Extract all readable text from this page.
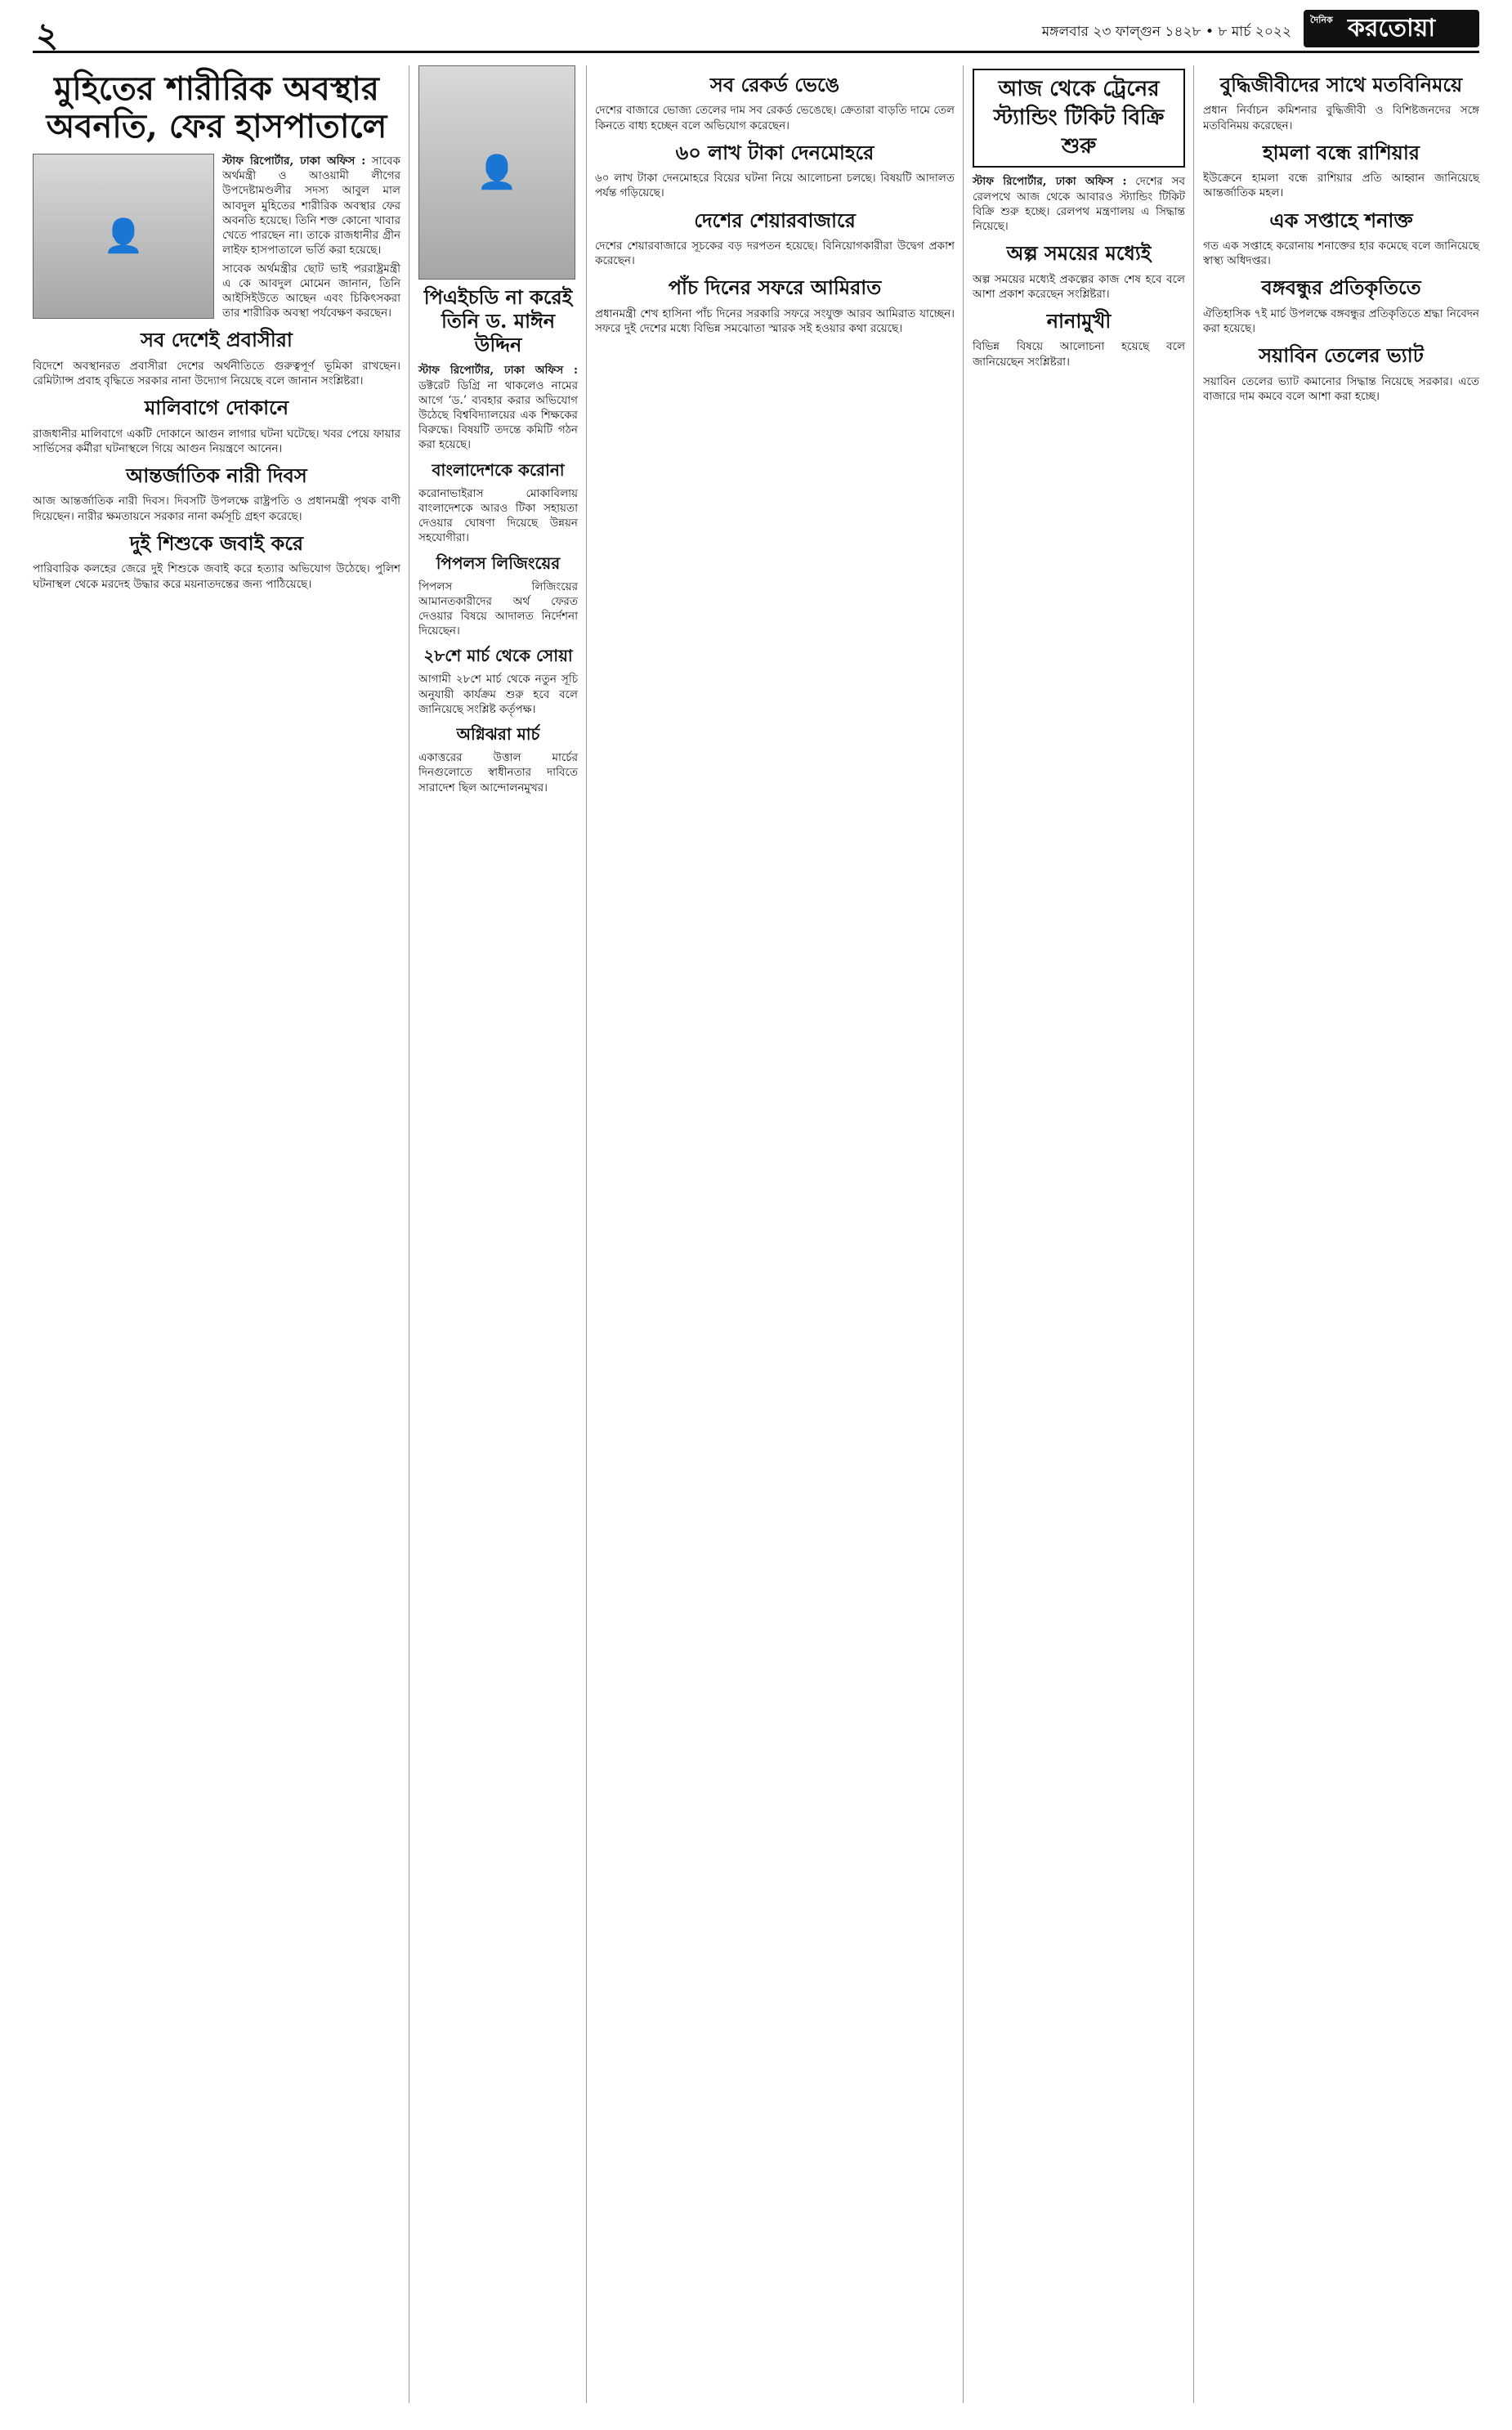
২	মঙ্গলবার ২৩ ফাল্গুন ১৪২৮ • ৮ মার্চ ২০২২
দৈনিক করতোয়া
মুহিতের শারীরিক অবস্থার অবনতি, ফের হাসপাতালে
👤

স্টাফ রিপোর্টার, ঢাকা অফিস : সাবেক অর্থমন্ত্রী ও আওয়ামী লীগের উপদেষ্টামণ্ডলীর সদস্য আবুল মাল আবদুল মুহিতের শারীরিক অবস্থার ফের অবনতি হয়েছে। তিনি শক্ত কোনো খাবার খেতে পারছেন না। তাকে রাজধানীর গ্রীন লাইফ হাসপাতালে ভর্তি করা হয়েছে।

সাবেক অর্থমন্ত্রীর ছোট ভাই পররাষ্ট্রমন্ত্রী এ কে আবদুল মোমেন জানান, তিনি আইসিইউতে আছেন এবং চিকিৎসকরা তার শারীরিক অবস্থা পর্যবেক্ষণ করছেন।

সব দেশেই প্রবাসীরা

বিদেশে অবস্থানরত প্রবাসীরা দেশের অর্থনীতিতে গুরুত্বপূর্ণ ভূমিকা রাখছেন। রেমিট্যান্স প্রবাহ বৃদ্ধিতে সরকার নানা উদ্যোগ নিয়েছে বলে জানান সংশ্লিষ্টরা।

মালিবাগে দোকানে

রাজধানীর মালিবাগে একটি দোকানে আগুন লাগার ঘটনা ঘটেছে। খবর পেয়ে ফায়ার সার্ভিসের কর্মীরা ঘটনাস্থলে গিয়ে আগুন নিয়ন্ত্রণে আনেন।

আন্তর্জাতিক নারী দিবস

আজ আন্তর্জাতিক নারী দিবস। দিবসটি উপলক্ষে রাষ্ট্রপতি ও প্রধানমন্ত্রী পৃথক বাণী দিয়েছেন। নারীর ক্ষমতায়নে সরকার নানা কর্মসূচি গ্রহণ করেছে।

দুই শিশুকে জবাই করে

পারিবারিক কলহের জেরে দুই শিশুকে জবাই করে হত্যার অভিযোগ উঠেছে। পুলিশ ঘটনাস্থল থেকে মরদেহ উদ্ধার করে ময়নাতদন্তের জন্য পাঠিয়েছে।

👤
পিএইচডি না করেই তিনি ড. মাঈন উদ্দিন

স্টাফ রিপোর্টার, ঢাকা অফিস : ডক্টরেট ডিগ্রি না থাকলেও নামের আগে ‘ড.’ ব্যবহার করার অভিযোগ উঠেছে বিশ্ববিদ্যালয়ের এক শিক্ষকের বিরুদ্ধে। বিষয়টি তদন্তে কমিটি গঠন করা হয়েছে।

বাংলাদেশকে করোনা

করোনাভাইরাস মোকাবিলায় বাংলাদেশকে আরও টিকা সহায়তা দেওয়ার ঘোষণা দিয়েছে উন্নয়ন সহযোগীরা।

পিপলস লিজিংয়ের

পিপলস লিজিংয়ের আমানতকারীদের অর্থ ফেরত দেওয়ার বিষয়ে আদালত নির্দেশনা দিয়েছেন।

২৮শে মার্চ থেকে সোয়া

আগামী ২৮শে মার্চ থেকে নতুন সূচি অনুযায়ী কার্যক্রম শুরু হবে বলে জানিয়েছে সংশ্লিষ্ট কর্তৃপক্ষ।

অগ্নিঝরা মার্চ

একাত্তরের উত্তাল মার্চের দিনগুলোতে স্বাধীনতার দাবিতে সারাদেশ ছিল আন্দোলনমুখর।

সব রেকর্ড ভেঙে

দেশের বাজারে ভোজ্য তেলের দাম সব রেকর্ড ভেঙেছে। ক্রেতারা বাড়তি দামে তেল কিনতে বাধ্য হচ্ছেন বলে অভিযোগ করেছেন।

৬০ লাখ টাকা দেনমোহরে

৬০ লাখ টাকা দেনমোহরে বিয়ের ঘটনা নিয়ে আলোচনা চলছে। বিষয়টি আদালত পর্যন্ত গড়িয়েছে।

দেশের শেয়ারবাজারে

দেশের শেয়ারবাজারে সূচকের বড় দরপতন হয়েছে। বিনিয়োগকারীরা উদ্বেগ প্রকাশ করেছেন।

পাঁচ দিনের সফরে আমিরাত

প্রধানমন্ত্রী শেখ হাসিনা পাঁচ দিনের সরকারি সফরে সংযুক্ত আরব আমিরাত যাচ্ছেন। সফরে দুই দেশের মধ্যে বিভিন্ন সমঝোতা স্মারক সই হওয়ার কথা রয়েছে।

আজ থেকে ট্রেনের স্ট্যান্ডিং টিকিট বিক্রি শুরু

স্টাফ রিপোর্টার, ঢাকা অফিস : দেশের সব রেলপথে আজ থেকে আবারও স্ট্যান্ডিং টিকিট বিক্রি শুরু হচ্ছে। রেলপথ মন্ত্রণালয় এ সিদ্ধান্ত নিয়েছে।

অল্প সময়ের মধ্যেই

অল্প সময়ের মধ্যেই প্রকল্পের কাজ শেষ হবে বলে আশা প্রকাশ করেছেন সংশ্লিষ্টরা।

নানামুখী

বিভিন্ন বিষয়ে আলোচনা হয়েছে বলে জানিয়েছেন সংশ্লিষ্টরা।

বুদ্ধিজীবীদের সাথে মতবিনিময়ে

প্রধান নির্বাচন কমিশনার বুদ্ধিজীবী ও বিশিষ্টজনদের সঙ্গে মতবিনিময় করেছেন।

হামলা বন্ধে রাশিয়ার

ইউক্রেনে হামলা বন্ধে রাশিয়ার প্রতি আহ্বান জানিয়েছে আন্তর্জাতিক মহল।

এক সপ্তাহে শনাক্ত

গত এক সপ্তাহে করোনায় শনাক্তের হার কমেছে বলে জানিয়েছে স্বাস্থ্য অধিদপ্তর।

বঙ্গবন্ধুর প্রতিকৃতিতে

ঐতিহাসিক ৭ই মার্চ উপলক্ষে বঙ্গবন্ধুর প্রতিকৃতিতে শ্রদ্ধা নিবেদন করা হয়েছে।

সয়াবিন তেলের ভ্যাট

সয়াবিন তেলের ভ্যাট কমানোর সিদ্ধান্ত নিয়েছে সরকার। এতে বাজারে দাম কমবে বলে আশা করা হচ্ছে।
